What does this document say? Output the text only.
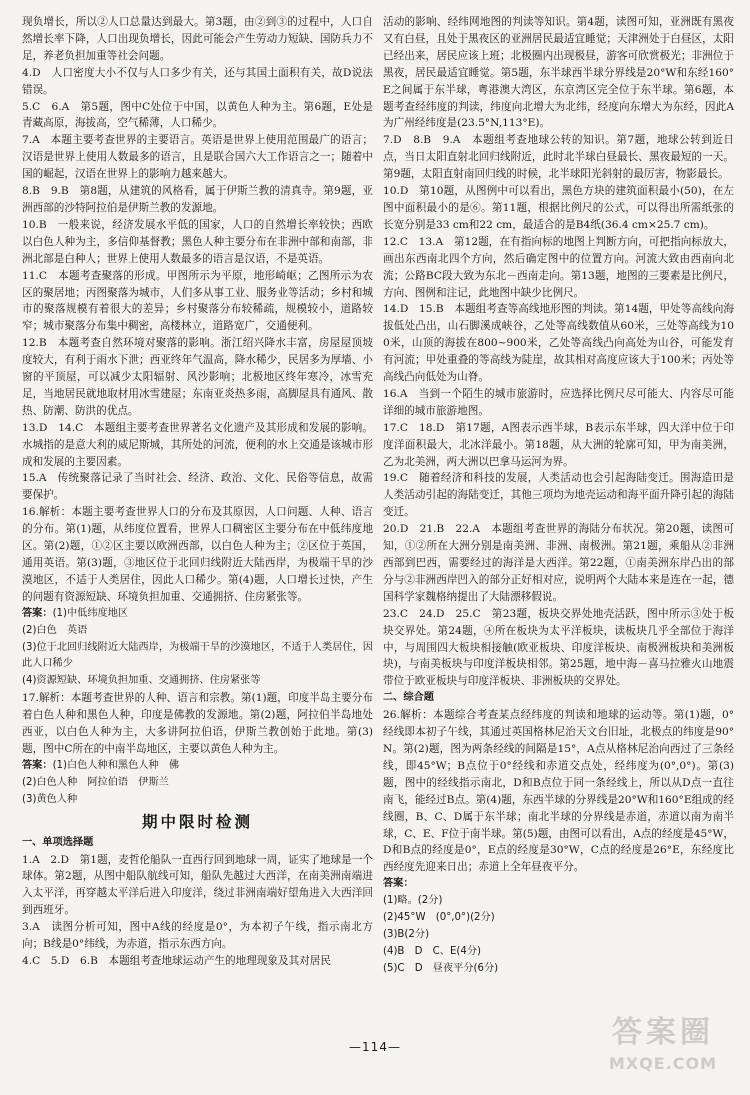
现负增长，所以②人口总量达到最大。第3题，由②到③的过程中，人口自然增长率下降，人口出现负增长，因此可能会产生劳动力短缺、国防兵力不足，养老负担加重等社会问题。

4.D　人口密度大小不仅与人口多少有关，还与其国土面积有关，故D说法错误。

5.C　6.A　第5题，图中C处位于中国，以黄色人种为主。第6题，E处是青藏高原，海拔高，空气稀薄，人口稀少。

7.A　本题主要考查世界的主要语言。英语是世界上使用范围最广的语言；汉语是世界上使用人数最多的语言，且是联合国六大工作语言之一；随着中国的崛起，汉语在世界上的影响力越来越大。

8.B　9.B　第8题，从建筑的风格看，属于伊斯兰教的清真寺。第9题，亚洲西部的沙特阿拉伯是伊斯兰教的发源地。

10.B　一般来说，经济发展水平低的国家，人口的自然增长率较快；西欧以白色人种为主，多信仰基督教；黑色人种主要分布在非洲中部和南部，非洲北部是白种人；世界上使用人数最多的语言是汉语，不是英语。

11.C　本题考查聚落的形成。甲图所示为平原，地形崎岖；乙图所示为农区的聚居地；丙图聚落为城市，人们多从事工业、服务业等活动；乡村和城市的聚落规模有着很大的差异；乡村聚落分布较稀疏，规模较小，道路较窄；城市聚落分布集中稠密，高楼林立，道路宽广，交通便利。

12.B　本题考查自然环境对聚落的影响。浙江绍兴降水丰富，房屋屋顶坡度较大，有利于雨水下泄；西亚终年气温高，降水稀少，民居多为厚墙、小窗的平顶屋，可以减少太阳辐射、风沙影响；北极地区终年寒冷，冰雪充足，当地居民就地取材用冰雪建屋；东南亚炎热多雨，高脚屋具有通风、散热、防潮、防洪的优点。

13.D　14.C　本题组主要考查世界著名文化遗产及其形成和发展的影响。水城指的是意大利的威尼斯城，其所处的河流，便利的水上交通是该城市形成和发展的主要因素。

15.A　传统聚落记录了当时社会、经济、政治、文化、民俗等信息，故需要保护。

16.解析：本题主要考查世界人口的分布及其原因，人口问题、人种、语言的分布。第(1)题，从纬度位置看，世界人口稠密区主要分布在中低纬度地区。第(2)题，①②区主要以欧洲西部，以白色人种为主；②区位于英国，通用英语。第(3)题，③地区位于北回归线附近大陆西岸，为极端干旱的沙漠地区，不适于人类居住，因此人口稀少。第(4)题，人口增长过快，产生的问题有资源短缺、环境负担加重、交通拥挤、住房紧张等。

答案：(1)中低纬度地区

(2)白色　英语

(3)位于北回归线附近大陆西岸，为极端干旱的沙漠地区，不适于人类居住，因此人口稀少

(4)资源短缺、环境负担加重、交通拥挤、住房紧张等

17.解析：本题考查世界的人种、语言和宗教。第(1)题，印度半岛主要分布着白色人种和黑色人种，印度是佛教的发源地。第(2)题，阿拉伯半岛地处西亚，以白色人种为主，大多讲阿拉伯语，伊斯兰教创始于此地。第(3)题，图中C所在的中南半岛地区，主要以黄色人种为主。

答案：(1)白色人种和黑色人种　佛

(2)白色人种　阿拉伯语　伊斯兰

(3)黄色人种

期中限时检测
一、单项选择题

1.A　2.D　第1题，麦哲伦船队一直西行回到地球一周，证实了地球是一个球体。第2题，从图中船队航线可知，船队先越过大西洋，在南美洲南端进入太平洋，再穿越太平洋后进入印度洋，绕过非洲南端好望角进入大西洋回到西班牙。

3.A　读图分析可知，图中A线的经度是0°，为本初子午线，指示南北方向；B线是0°纬线，为赤道，指示东西方向。

4.C　5.D　6.B　本题组考查地球运动产生的地理现象及其对居民

活动的影响、经纬网地图的判读等知识。第4题，读图可知，亚洲既有黑夜又有白昼，且处于黑夜区的亚洲居民最适宜睡觉；天津洲处于白昼区，太阳已经出来，居民应该上班；北极圈内出现极昼，游客可欣赏极光；非洲位于黑夜，居民最适宜睡觉。第5题，东半球西半球分界线是20°W和东经160°E之间属于东半球，粤港澳大湾区，东京湾区完全位于东半球。第6题，本题考查经纬度的判读，纬度向北增大为北纬，经度向东增大为东经，因此A为广州经纬度是(23.5°N,113°E)。

7.D　8.B　9.A　本题组考查地球公转的知识。第7题，地球公转到近日点，当日太阳直射北回归线附近，此时北半球白昼最长、黑夜最短的一天。第9题，太阳直射南回归线的时候，北半球阳光斜射的最厉害，物影最长。

10.D　第10题，从图例中可以看出，黑色方块的建筑面积最小(50)，在左图中面积最小的是⑥。第11题，根据比例尺的公式，可以得出所需纸张的长宽分别是33 cm和22 cm，最适合的是B4纸(36.4 cm×25.7 cm)。

12.C　13.A　第12题，在有指向标的地图上判断方向，可把指向标放大，画出东西南北四个方向，然后确定图中的位置方向。河流大致由西南向北流；公路BC段大致为东北－西南走向。第13题，地图的三要素是比例尺，方向、图例和注记，此地图中缺少比例尺。

14.D　15.B　本题组考查等高线地形图的判读。第14题，甲处等高线向海拔低处凸出，山石脚溪成峡谷，乙处等高线数值从60米，三处等高线为100米，山顶的海拔在800~900米，乙处等高线凸向高处为山谷，可能发育有河流；甲处重叠的等高线为陡崖，故其相对高度应该大于100米；丙处等高线凸向低处为山脊。

16.A　当到一个陌生的城市旅游时，应选择比例尺尽可能大、内容尽可能详细的城市旅游地图。

17.C　18.D　第17题，A图表示西半球，B表示东半球，四大洋中位于印度洋面积最大，北冰洋最小。第18题，从大洲的轮廓可知，甲为南美洲，乙为北美洲，两大洲以巴拿马运河为界。

19.C　随着经济和科技的发展，人类活动也会引起海陆变迁。围海造田是人类活动引起的海陆变迁，其他三项均为地壳运动和海平面升降引起的海陆变迁。

20.D　21.B　22.A　本题组考查世界的海陆分布状况。第20题，读图可知，①②所在大洲分别是南美洲、非洲、南极洲。第21题，乘船从②非洲西部到巴西，需要经过的海洋是大西洋。第22题，①南美洲东岸凸出的部分与②非洲西岸凹入的部分正好相对应，说明两个大陆本来是连在一起，德国科学家魏格纳提出了大陆漂移假说。

23.C　24.D　25.C　第23题，板块交界处地壳活跃，图中所示③处于板块交界处。第24题，④所在板块为太平洋板块，读板块几乎全部位于海洋中，与周围四大板块相接触(欧亚板块、印度洋板块、南极洲板块和美洲板块)，与南美板块与印度洋板块相邻。第25题，地中海－喜马拉雅火山地震带位于欧亚板块与印度洋板块、非洲板块的交界处。

二、综合题

26.解析：本题综合考查某点经纬度的判读和地球的运动等。第(1)题，0°经线即本初子午线，其通过英国格林尼治天文台旧址，北极点的纬度是90°N。第(2)题，图为两条经线的间隔是15°，A点从格林尼治向西过了三条经线，即45°W；B点位于0°经线和赤道交点处，经纬度为(0°,0°)。第(3)题，图中的经线指示南北，D和B点位于同一条经线上，所以从D点一直往南飞，能经过B点。第(4)题，东西半球的分界线是20°W和160°E组成的经线圈，B、C、D属于东半球；南北半球的分界线是赤道，赤道以南为南半球，C、E、F位于南半球。第(5)题，由图可以看出，A点的经度是45°W，D和B点的经度是0°，E点的经度是30°W，C点的经度是26°E，东经度比西经度先迎来日出；赤道上全年昼夜平分。

答案：

(1)略。(2分)

(2)45°W　(0°,0°)(2分)

(3)B(2分)

(4)B　D　C、E(4分)

(5)C　D　昼夜平分(6分)

—114—	答案圈
MXQE.COM
